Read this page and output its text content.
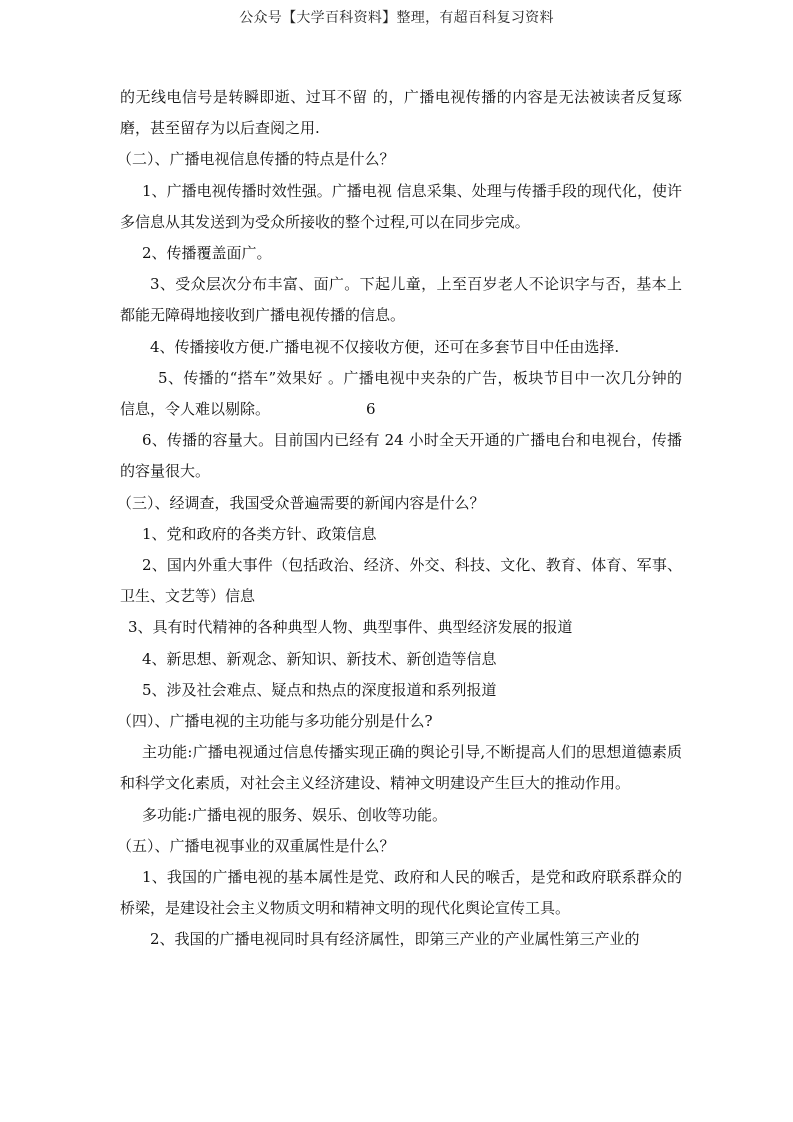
公众号【大学百科资料】整理，有超百科复习资料

的无线电信号是转瞬即逝、过耳不留 的，广播电视传播的内容是无法被读者反复琢磨，甚至留存为以后查阅之用.

（二）、广播电视信息传播的特点是什么？

1、广播电视传播时效性强。广播电视 信息采集、处理与传播手段的现代化，使许多信息从其发送到为受众所接收的整个过程,可以在同步完成。

2、传播覆盖面广。

3、受众层次分布丰富、面广。下起儿童，上至百岁老人不论识字与否，基本上都能无障碍地接收到广播电视传播的信息。

4、传播接收方便.广播电视不仅接收方便，还可在多套节目中任由选择.

5、传播的“搭车”效果好 。广播电视中夹杂的广告，板块节目中一次几分钟的信息，令人难以剔除。	6

6、传播的容量大。目前国内已经有 24 小时全天开通的广播电台和电视台，传播的容量很大。

（三）、经调查，我国受众普遍需要的新闻内容是什么？

1、党和政府的各类方针、政策信息

2、国内外重大事件（包括政治、经济、外交、科技、文化、教育、体育、军事、卫生、文艺等）信息

3、具有时代精神的各种典型人物、典型事件、典型经济发展的报道

4、新思想、新观念、新知识、新技术、新创造等信息

5、涉及社会难点、疑点和热点的深度报道和系列报道

（四）、广播电视的主功能与多功能分别是什么?

主功能:广播电视通过信息传播实现正确的舆论引导,不断提高人们的思想道德素质和科学文化素质，对社会主义经济建设、精神文明建设产生巨大的推动作用。

多功能:广播电视的服务、娱乐、创收等功能。

（五）、广播电视事业的双重属性是什么？

1、我国的广播电视的基本属性是党、政府和人民的喉舌，是党和政府联系群众的桥梁，是建设社会主义物质文明和精神文明的现代化舆论宣传工具。

2、我国的广播电视同时具有经济属性，即第三产业的产业属性第三产业的
